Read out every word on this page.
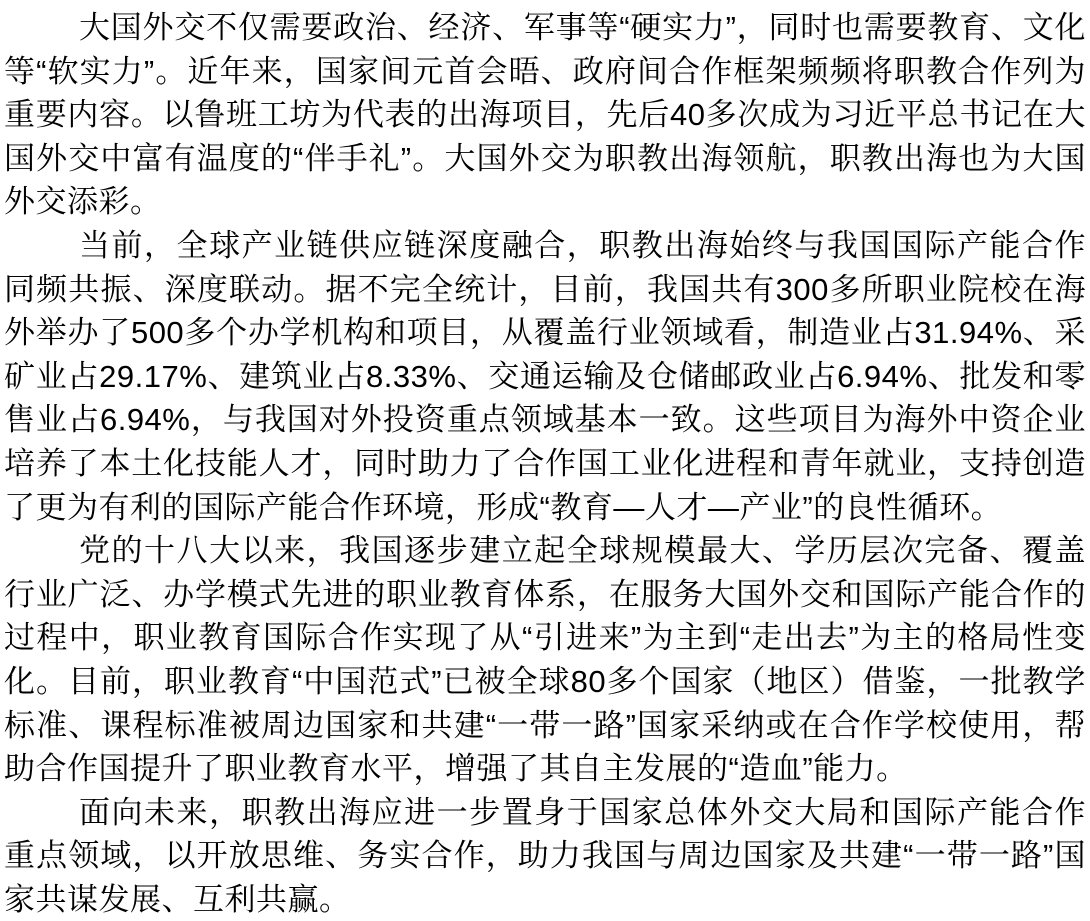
大国外交不仅需要政治、经济、军事等“硬实力”，同时也需要教育、文化等“软实力”。近年来，国家间元首会晤、政府间合作框架频频将职教合作列为重要内容。以鲁班工坊为代表的出海项目，先后40多次成为习近平总书记在大国外交中富有温度的“伴手礼”。大国外交为职教出海领航，职教出海也为大国外交添彩。

当前，全球产业链供应链深度融合，职教出海始终与我国国际产能合作同频共振、深度联动。据不完全统计，目前，我国共有300多所职业院校在海外举办了500多个办学机构和项目，从覆盖行业领域看，制造业占31.94%、采矿业占29.17%、建筑业占8.33%、交通运输及仓储邮政业占6.94%、批发和零售业占6.94%，与我国对外投资重点领域基本一致。这些项目为海外中资企业培养了本土化技能人才，同时助力了合作国工业化进程和青年就业，支持创造了更为有利的国际产能合作环境，形成“教育—人才—产业”的良性循环。

党的十八大以来，我国逐步建立起全球规模最大、学历层次完备、覆盖行业广泛、办学模式先进的职业教育体系，在服务大国外交和国际产能合作的过程中，职业教育国际合作实现了从“引进来”为主到“走出去”为主的格局性变化。目前，职业教育“中国范式”已被全球80多个国家（地区）借鉴，一批教学标准、课程标准被周边国家和共建“一带一路”国家采纳或在合作学校使用，帮助合作国提升了职业教育水平，增强了其自主发展的“造血”能力。

面向未来，职教出海应进一步置身于国家总体外交大局和国际产能合作重点领域，以开放思维、务实合作，助力我国与周边国家及共建“一带一路”国家共谋发展、互利共赢。
